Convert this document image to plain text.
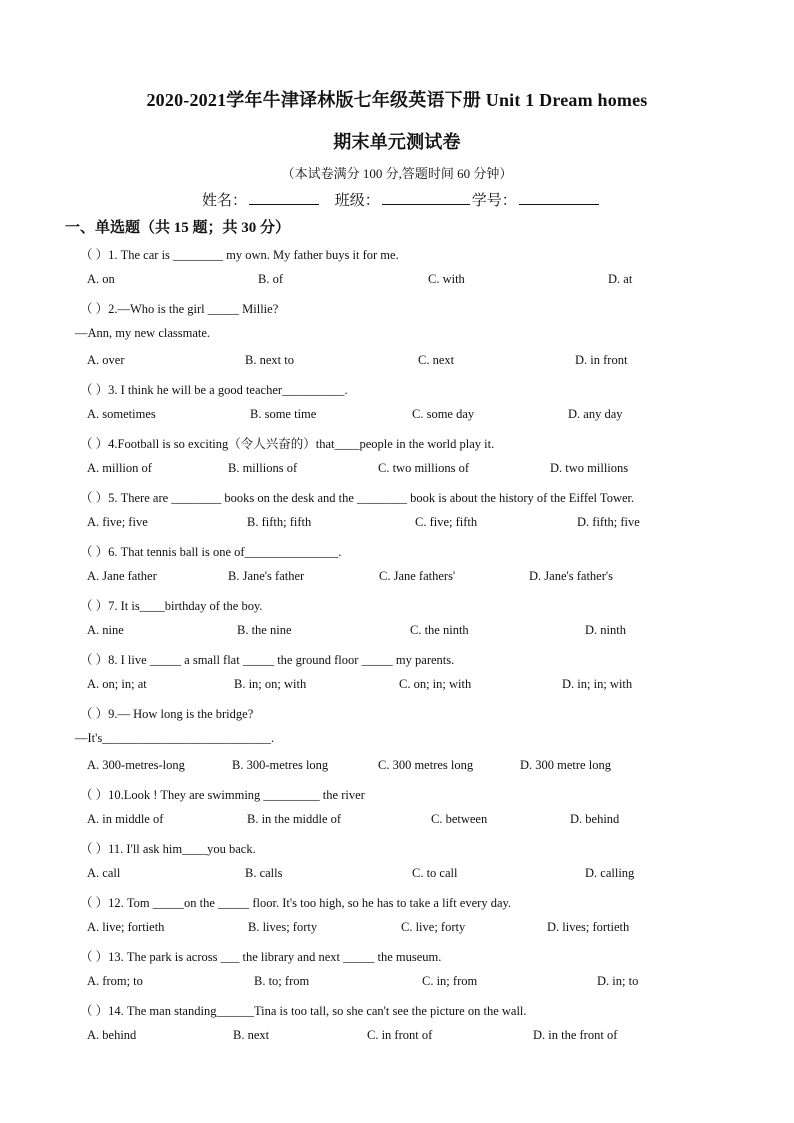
2020-2021学年牛津译林版七年级英语下册 Unit 1 Dream homes
期末单元测试卷
（本试卷满分 100 分,答题时间 60 分钟）
姓名：	班级：	学号：
一、单选题（共 15 题；共 30 分）
（ ）1. The car is ________ my own. My father buys it for me.
A. on	B. of	C. with	D. at
（ ）2.—Who is the girl _____ Millie?
—Ann, my new classmate.
A. over	B. next to	C. next	D. in front
（ ）3. I think he will be a good teacher__________.
A. sometimes	B. some time	C. some day	D. any day
（ ）4.Football is so exciting（令人兴奋的）that____people in the world play it.
A. million of	B. millions of	C. two millions of	D. two millions
（ ）5. There are ________ books on the desk and the ________ book is about the history of the Eiffel Tower.
A. five; five	B. fifth; fifth	C. five; fifth	D. fifth; five
（ ）6. That tennis ball is one of_______________.
A. Jane father	B. Jane's father	C. Jane fathers'	D. Jane's father's
（ ）7. It is____birthday of the boy.
A. nine	B. the nine	C. the ninth	D. ninth
（ ）8. I live _____ a small flat _____ the ground floor _____ my parents.
A. on; in; at	B. in; on; with	C. on; in; with	D. in; in; with
（ ）9.— How long is the bridge?
—It's___________________________.
A. 300-metres-long	B. 300-metres long	C. 300 metres long	D. 300 metre long
（ ）10.Look ! They are swimming _________ the river
A. in middle of	B. in the middle of	C. between	D. behind
（ ）11. I'll ask him____you back.
A. call	B. calls	C. to call	D. calling
（ ）12. Tom _____on the _____ floor. It's too high, so he has to take a lift every day.
A. live; fortieth	B. lives; forty	C. live; forty	D. lives; fortieth
（ ）13. The park is across ___ the library and next _____ the museum.
A. from; to	B. to; from	C. in; from	D. in; to
（ ）14. The man standing______Tina is too tall, so she can't see the picture on the wall.
A. behind	B. next	C. in front of	D. in the front of
